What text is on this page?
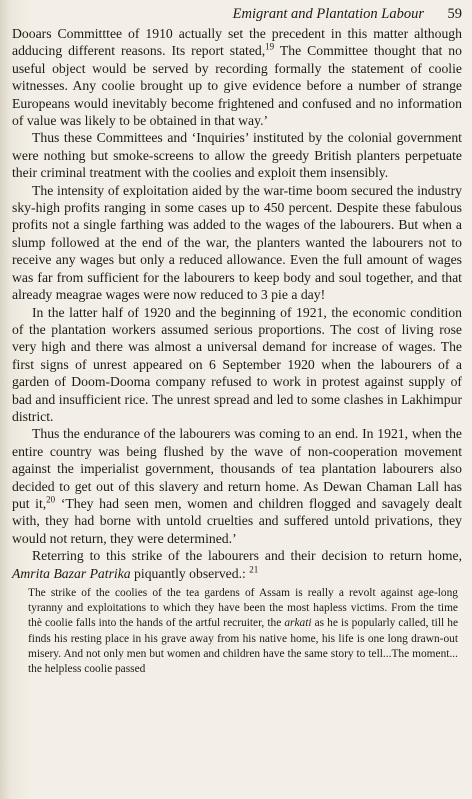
Emigrant and Plantation Labour 59

Dooars Committtee of 1910 actually set the precedent in this matter although adducing different reasons. Its report stated,$^{19}$ The Committee thought that no useful object would be served by recording formally the statement of coolie witnesses. Any coolie brought up to give evidence before a number of strange Europeans would inevitably become frightened and confused and no information of value was likely to be obtained in that way.’

Thus these Committees and ‘Inquiries’ instituted by the colonial government were nothing but smoke-screens to allow the greedy British planters perpetuate their criminal treatment with the coolies and exploit them insensibly.

The intensity of exploitation aided by the war-time boom secured the industry sky-high profits ranging in some cases up to 450 percent. Despite these fabulous profits not a single farthing was added to the wages of the labourers. But when a slump followed at the end of the war, the planters wanted the labourers not to receive any wages but only a reduced allowance. Even the full amount of wages was far from sufficient for the labourers to keep body and soul together, and that already meagrae wages were now reduced to 3 pie a day!

In the latter half of 1920 and the beginning of 1921, the economic condition of the plantation workers assumed serious proportions. The cost of living rose very high and there was almost a universal demand for increase of wages. The first signs of unrest appeared on 6 September 1920 when the labourers of a garden of Doom-Dooma company refused to work in protest against supply of bad and insufficient rice. The unrest spread and led to some clashes in Lakhimpur district.

Thus the endurance of the labourers was coming to an end. In 1921, when the entire country was being flushed by the wave of non-cooperation movement against the imperialist government, thousands of tea plantation labourers also decided to get out of this slavery and return home. As Dewan Chaman Lall has put it,$^{20}$ ‘They had seen men, women and children flogged and savagely dealt with, they had borne with untold cruelties and suffered untold privations, they would not return, they were determined.’

Reterring to this strike of the labourers and their decision to return home, Amrita Bazar Patrika piquantly observed.: $^{21}$

The strike of the coolies of the tea gardens of Assam is really a revolt against age-long tyranny and exploitations to which they have been the most hapless victims. From the time thè coolie falls into the hands of the artful recruiter, the arkati as he is popularly called, till he finds his resting place in his grave away from his native home, his life is one long drawn-out misery. And not only men but women and children have the same story to tell...The moment... the helpless coolie passed
